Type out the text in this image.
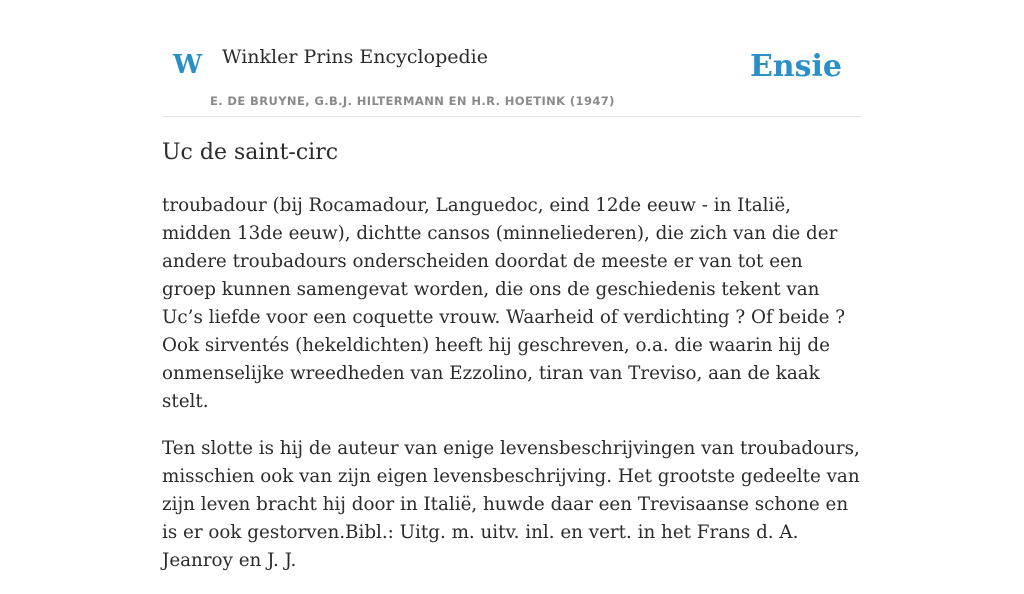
W Winkler Prins Encyclopedie
E. DE BRUYNE, G.B.J. HILTERMANN EN H.R. HOETINK (1947)
Ensie
Uc de saint-circ

troubadour (bij Rocamadour, Languedoc, eind 12de eeuw - in Italië, midden 13de eeuw), dichtte cansos (minneliederen), die zich van die der andere troubadours onderscheiden doordat de meeste er van tot een groep kunnen samengevat worden, die ons de geschiedenis tekent van Uc’s liefde voor een coquette vrouw. Waarheid of verdichting ? Of beide ? Ook sirventés (hekeldichten) heeft hij geschreven, o.a. die waarin hij de onmenselijke wreedheden van Ezzolino, tiran van Treviso, aan de kaak stelt.

Ten slotte is hij de auteur van enige levensbeschrijvingen van troubadours, misschien ook van zijn eigen levensbeschrijving. Het grootste gedeelte van zijn leven bracht hij door in Italië, huwde daar een Trevisaanse schone en is er ook gestorven.Bibl.: Uitg. m. uitv. inl. en vert. in het Frans d. A. Jeanroy en J. J.
